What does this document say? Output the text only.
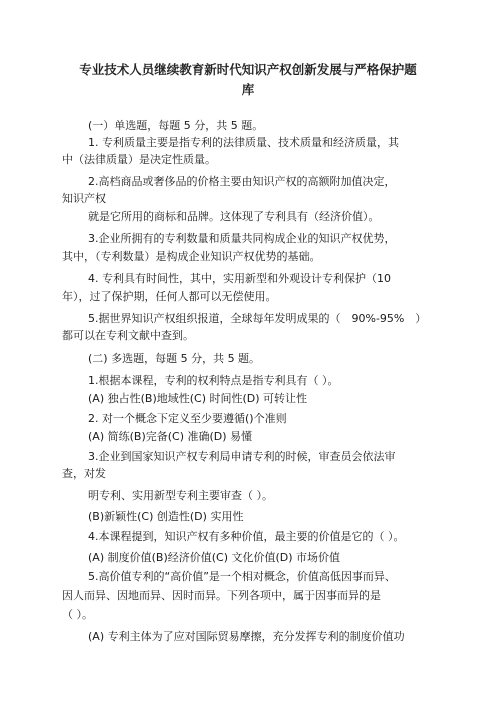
专业技术人员继续教育新时代知识产权创新发展与严格保护题
库
(一）单选题，每题 5 分，共 5 题。
1. 专利质量主要是指专利的法律质量、技术质量和经济质量，其
中（法律质量）是决定性质量。
2.高档商品或奢侈品的价格主要由知识产权的高额附加值决定，
知识产权
就是它所用的商标和品牌。这体现了专利具有（经济价值）。
3.企业所拥有的专利数量和质量共同构成企业的知识产权优势，
其中，（专利数量）是构成企业知识产权优势的基础。
4. 专利具有时间性，其中，实用新型和外观设计专利保护（10
年），过了保护期，任何人都可以无偿使用。
5.据世界知识产权组织报道，全球每年发明成果的（　90%-95%　）
都可以在专利文献中查到。
(二) 多选题，每题 5 分，共 5 题。
1.根据本课程，专利的权利特点是指专利具有（ ）。
(A) 独占性(B)地域性(C) 时间性(D) 可转让性
2. 对一个概念下定义至少要遵循()个准则
(A) 简练(B)完备(C) 准确(D) 易懂
3.企业到国家知识产权专利局申请专利的时候，审查员会依法审
查，对发
明专利、实用新型专利主要审查（ ）。
(B)新颖性(C) 创造性(D) 实用性
4.本课程提到，知识产权有多种价值，最主要的价值是它的（ ）。
(A) 制度价值(B)经济价值(C) 文化价值(D) 市场价值
5.高价值专利的“高价值”是一个相对概念，价值高低因事而异、
因人而异、因地而异、因时而异。下列各项中，属于因事而异的是
（ ）。
(A) 专利主体为了应对国际贸易摩擦，充分发挥专利的制度价值功
